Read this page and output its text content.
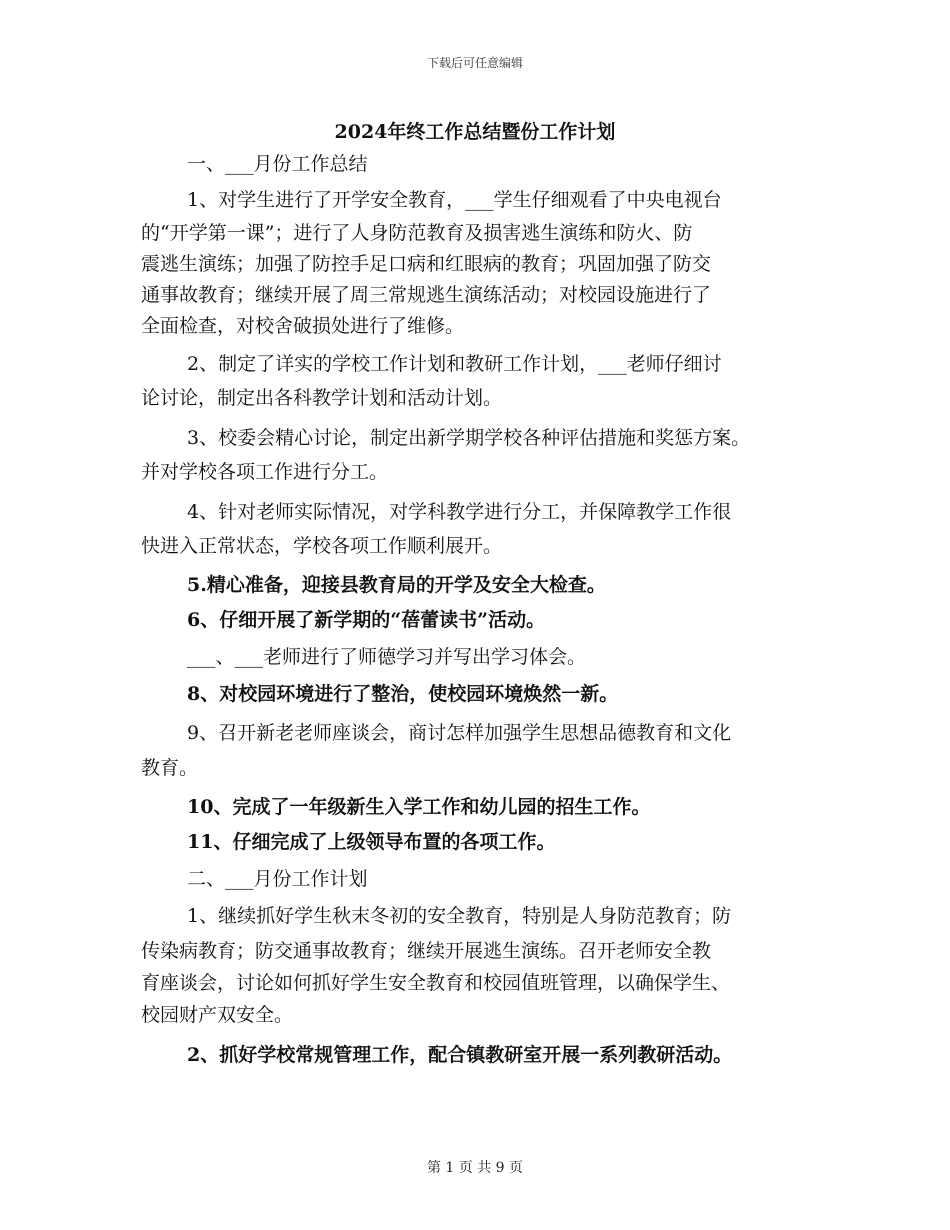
下载后可任意编辑
2024年终工作总结暨份工作计划
一、___月份工作总结
1、对学生进行了开学安全教育，___学生仔细观看了中央电视台
的“开学第一课”；进行了人身防范教育及损害逃生演练和防火、防
震逃生演练；加强了防控手足口病和红眼病的教育；巩固加强了防交
通事故教育；继续开展了周三常规逃生演练活动；对校园设施进行了
全面检查，对校舍破损处进行了维修。
2、制定了详实的学校工作计划和教研工作计划，___老师仔细讨
论讨论，制定出各科教学计划和活动计划。
3、校委会精心讨论，制定出新学期学校各种评估措施和奖惩方案。
并对学校各项工作进行分工。
4、针对老师实际情况，对学科教学进行分工，并保障教学工作很
快进入正常状态，学校各项工作顺利展开。
5.精心准备，迎接县教育局的开学及安全大检查。
6、仔细开展了新学期的“蓓蕾读书”活动。
___、___老师进行了师德学习并写出学习体会。
8、对校园环境进行了整治，使校园环境焕然一新。
9、召开新老老师座谈会，商讨怎样加强学生思想品德教育和文化
教育。
10、完成了一年级新生入学工作和幼儿园的招生工作。
11、仔细完成了上级领导布置的各项工作。
二、___月份工作计划
1、继续抓好学生秋末冬初的安全教育，特别是人身防范教育；防
传染病教育；防交通事故教育；继续开展逃生演练。召开老师安全教
育座谈会，讨论如何抓好学生安全教育和校园值班管理，以确保学生、
校园财产双安全。
2、抓好学校常规管理工作，配合镇教研室开展一系列教研活动。
第 1 页 共 9 页
